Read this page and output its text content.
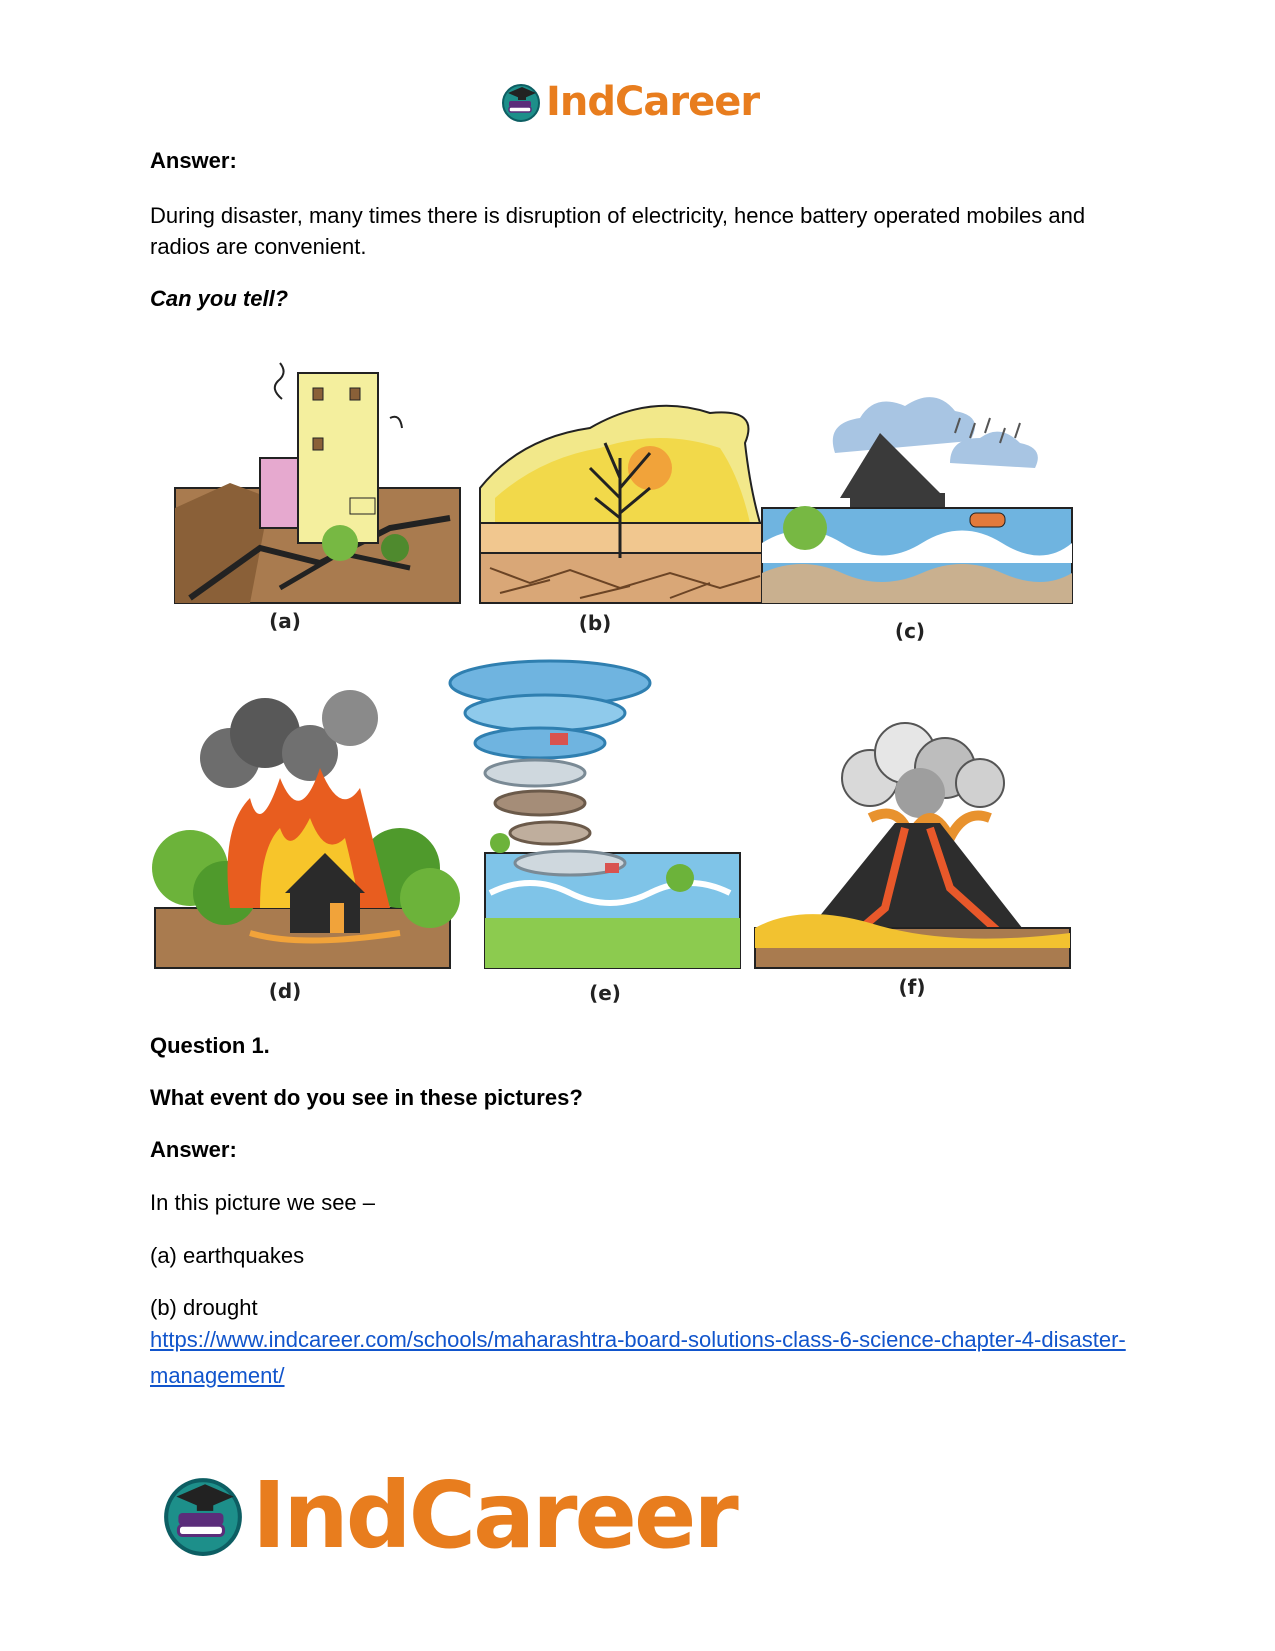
IndCareer
Answer:
During disaster, many times there is disruption of electricity, hence battery operated mobiles and radios are convenient.
Can you tell?
(a)	(b)	(c)
(d)	(e)	(f)
Question 1.
What event do you see in these pictures?
Answer:
In this picture we see –
(a) earthquakes
(b) drought
https://www.indcareer.com/schools/maharashtra-board-solutions-class-6-science-chapter-4-disaster-management/
IndCareer
